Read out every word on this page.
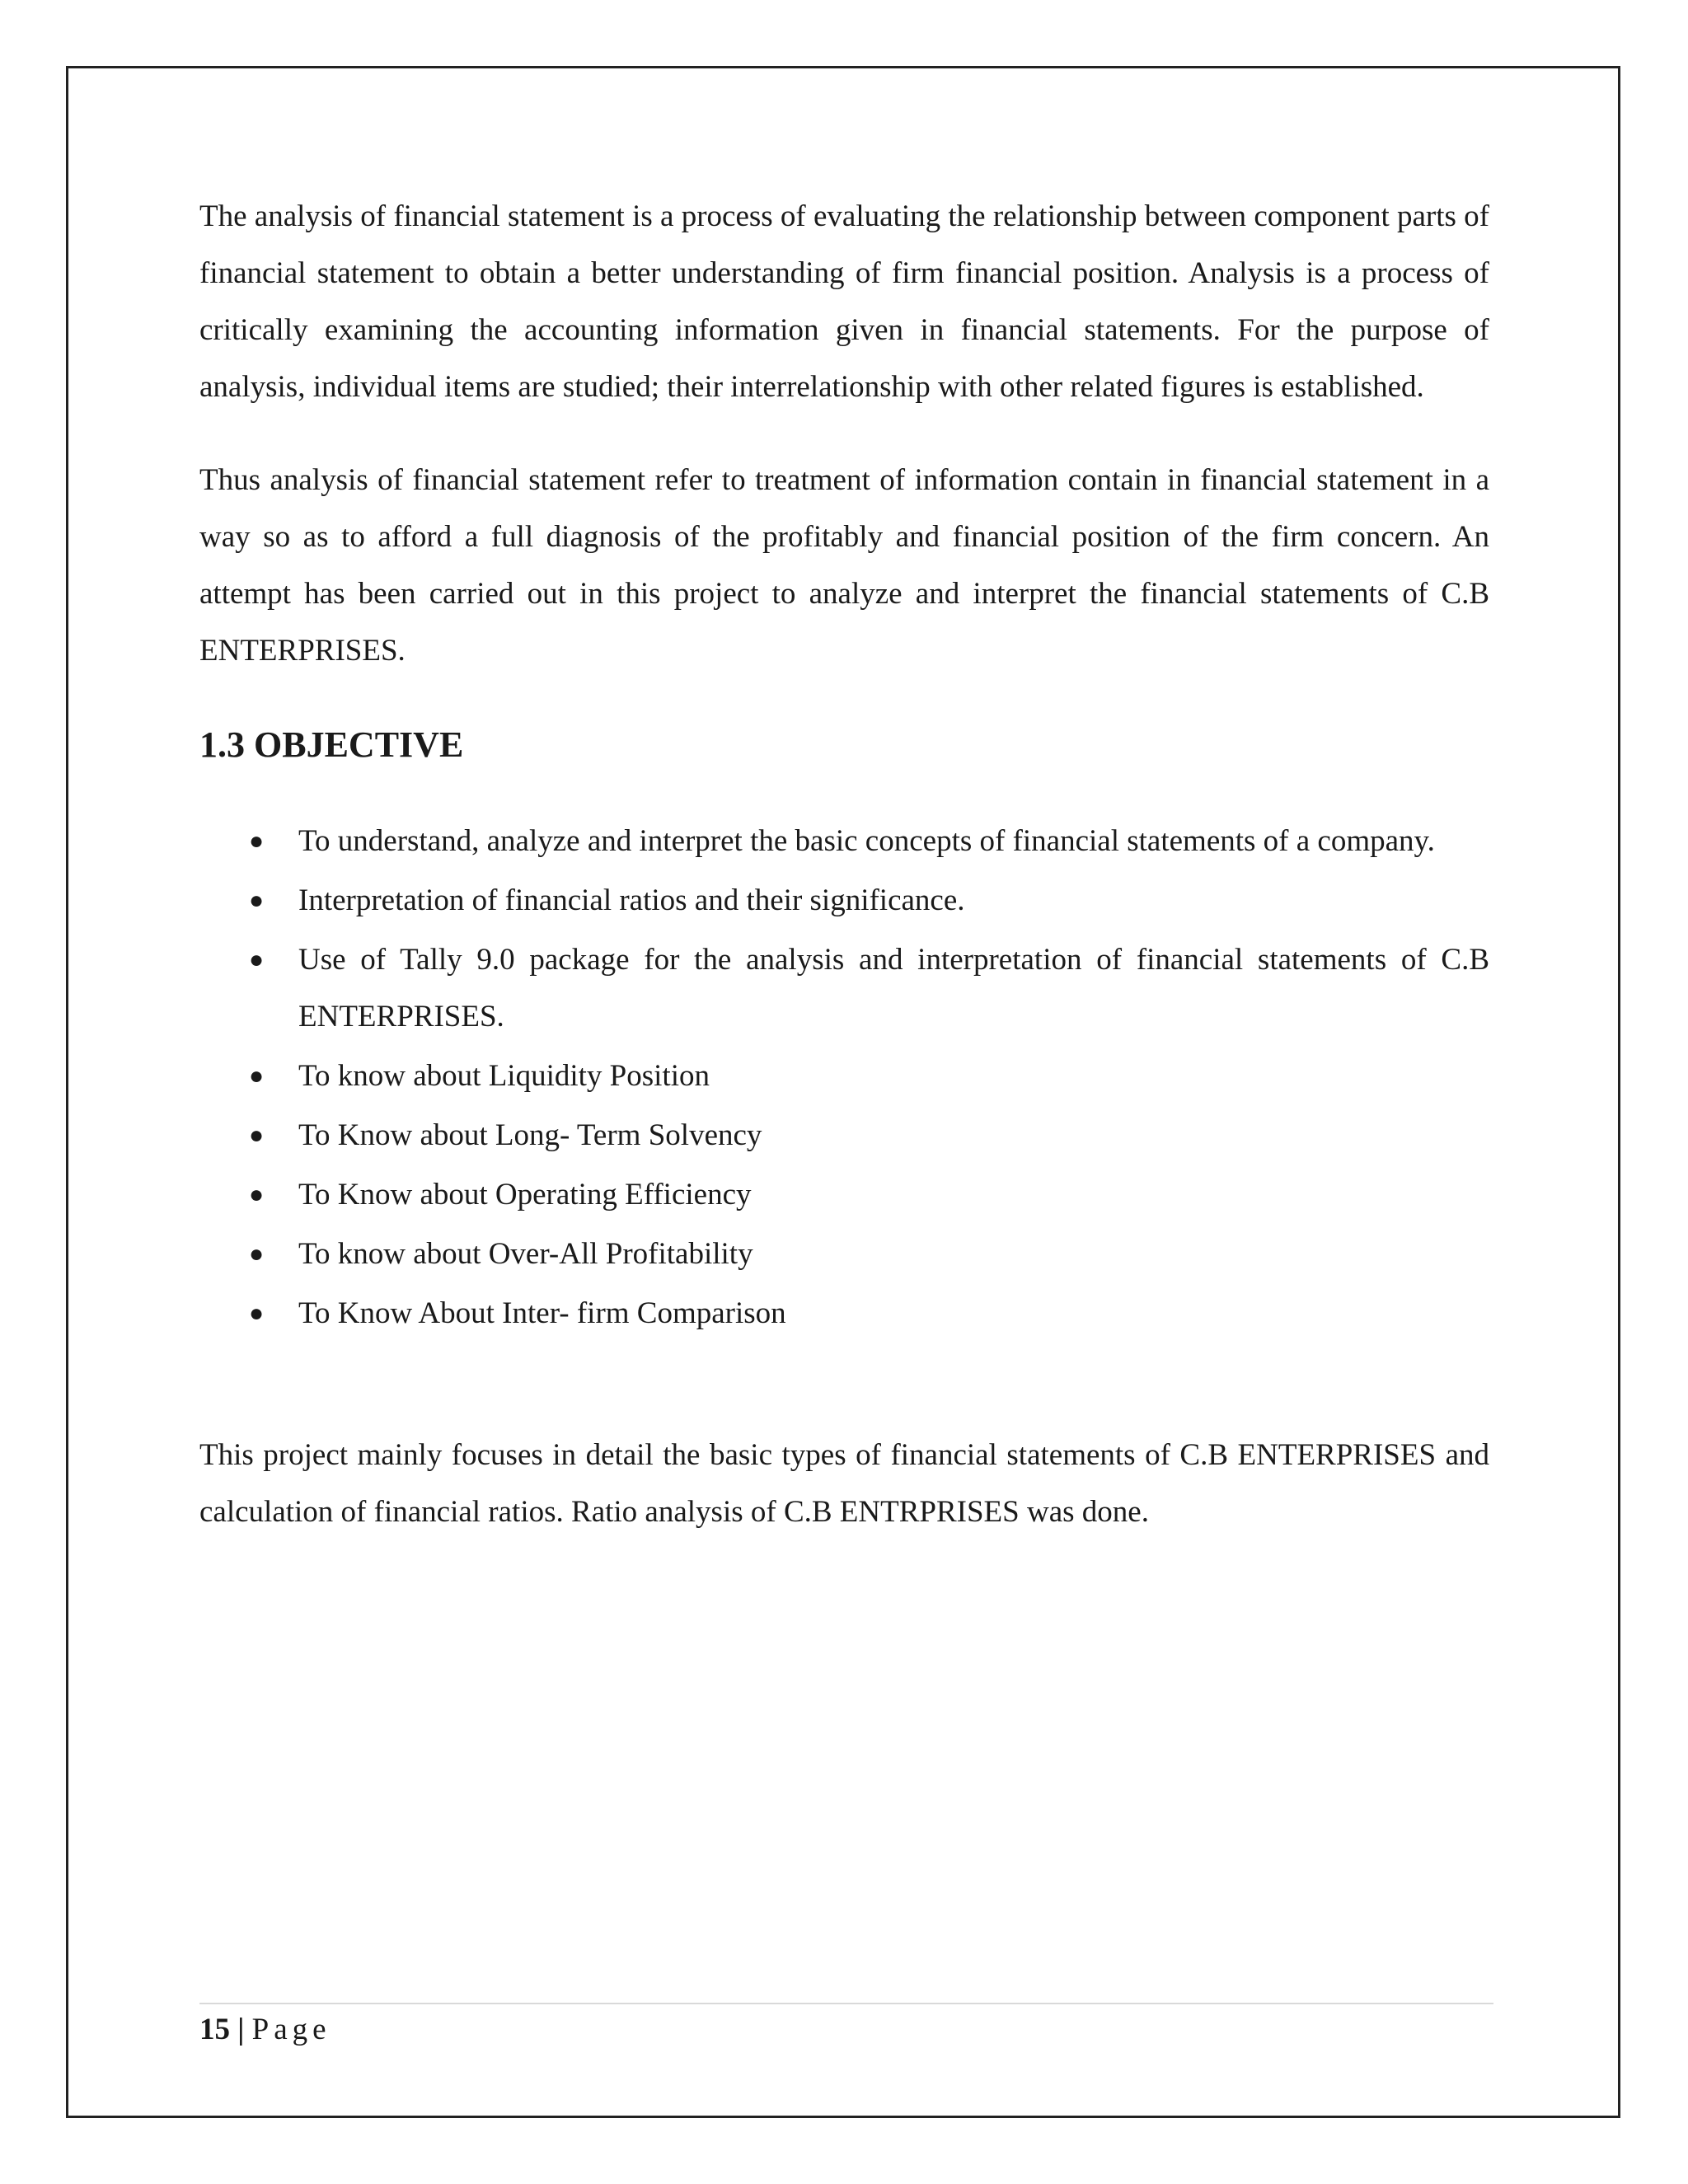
The analysis of financial statement is a process of evaluating the relationship between component parts of financial statement to obtain a better understanding of firm financial position. Analysis is a process of critically examining the accounting information given in financial statements. For the purpose of analysis, individual items are studied; their interrelationship with other related figures is established.

Thus analysis of financial statement refer to treatment of information contain in financial statement in a way so as to afford a full diagnosis of the profitably and financial position of the firm concern. An attempt has been carried out in this project to analyze and interpret the financial statements of C.B ENTERPRISES.

1.3 OBJECTIVE
● To understand, analyze and interpret the basic concepts of financial statements of a company.
● Interpretation of financial ratios and their significance.
● Use of Tally 9.0 package for the analysis and interpretation of financial statements of C.B ENTERPRISES.
● To know about Liquidity Position
● To Know about Long- Term Solvency
● To Know about Operating Efficiency
● To know about Over-All Profitability
● To Know About Inter- firm Comparison

This project mainly focuses in detail the basic types of financial statements of C.B ENTERPRISES and calculation of financial ratios. Ratio analysis of C.B ENTRPRISES was done.

15 | Page
